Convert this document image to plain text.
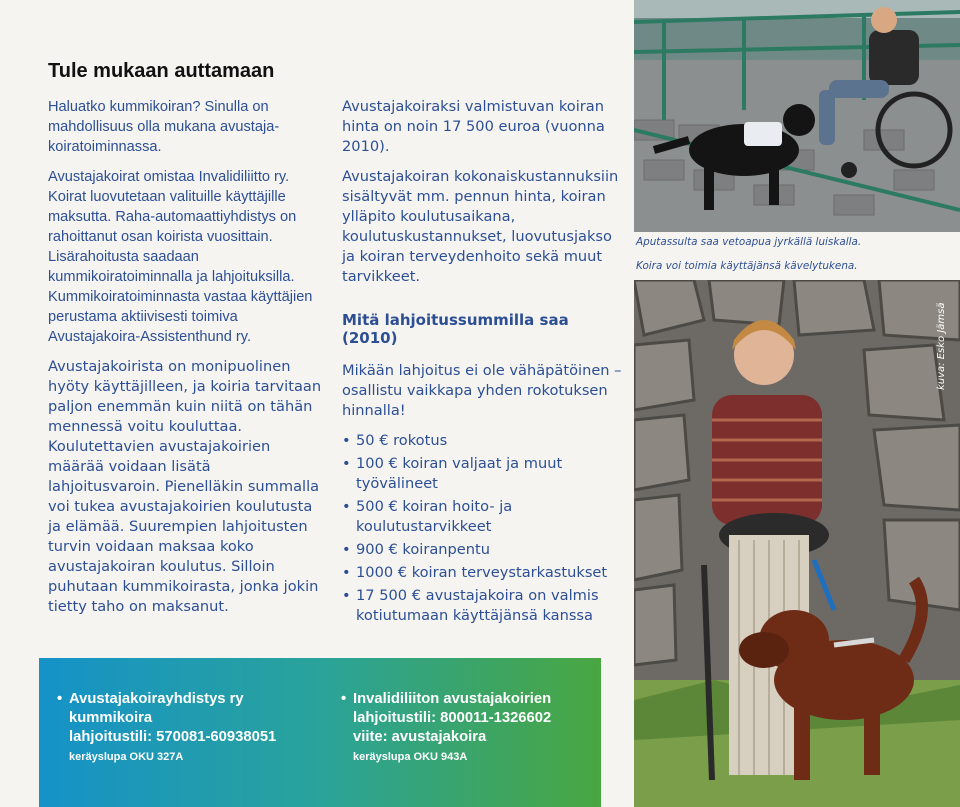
Tule mukaan auttamaan

Haluatko kummikoiran? Sinulla on mahdollisuus olla mukana avustajakoiratoiminnassa.

Avustajakoirat omistaa Invalidiliitto ry. Koirat luovutetaan valituille käyttäjille maksutta. Raha-automaattiyhdistys on rahoittanut osan koirista vuosittain. Lisärahoitusta saadaan kummikoiratoiminnalla ja lahjoituksilla. Kummikoiratoiminnasta vastaa käyttäjien perustama aktiivisesti toimiva Avustajakoira-Assistenthund ry.

Avustajakoirista on monipuolinen hyöty käyttäjilleen, ja koiria tarvitaan paljon enemmän kuin niitä on tähän mennessä voitu kouluttaa. Koulutettavien avustajakoirien määrää voidaan lisätä lahjoitusvaroin. Pienelläkin summalla voi tukea avustajakoirien koulutusta ja elämää. Suurempien lahjoitusten turvin voidaan maksaa koko avustajakoiran koulutus. Silloin puhutaan kummikoirasta, jonka jokin tietty taho on maksanut.

Avustajakoiraksi valmistuvan koiran hinta on noin 17 500 euroa (vuonna 2010).

Avustajakoiran kokonaiskustannuksiin sisältyvät mm. pennun hinta, koiran ylläpito koulutusaikana, koulutuskustannukset, luovutusjakso ja koiran terveydenhoito sekä muut tarvikkeet.

Mitä lahjoitussummilla saa (2010)

Mikään lahjoitus ei ole vähäpätöinen – osallistu vaikkapa yhden rokotuksen hinnalla!

• 50 € rokotus
• 100 € koiran valjaat ja muut työvälineet
• 500 € koiran hoito- ja koulutustarvikkeet
• 900 € koiranpentu
• 1000 € koiran terveystarkastukset
• 17 500 € avustajakoira on valmis kotiutumaan käyttäjänsä kanssa
Aputassulta saa vetoapua jyrkällä luiskalla.
Koira voi toimia käyttäjänsä kävelytukena.
kuva: Esko Jämsä
• Avustajakoirayhdistys ry
kummikoira
lahjoitustili: 570081-60938051
keräyslupa OKU 327A
• Invalidiliiton avustajakoirien
lahjoitustili: 800011-1326602
viite: avustajakoira
keräyslupa OKU 943A
